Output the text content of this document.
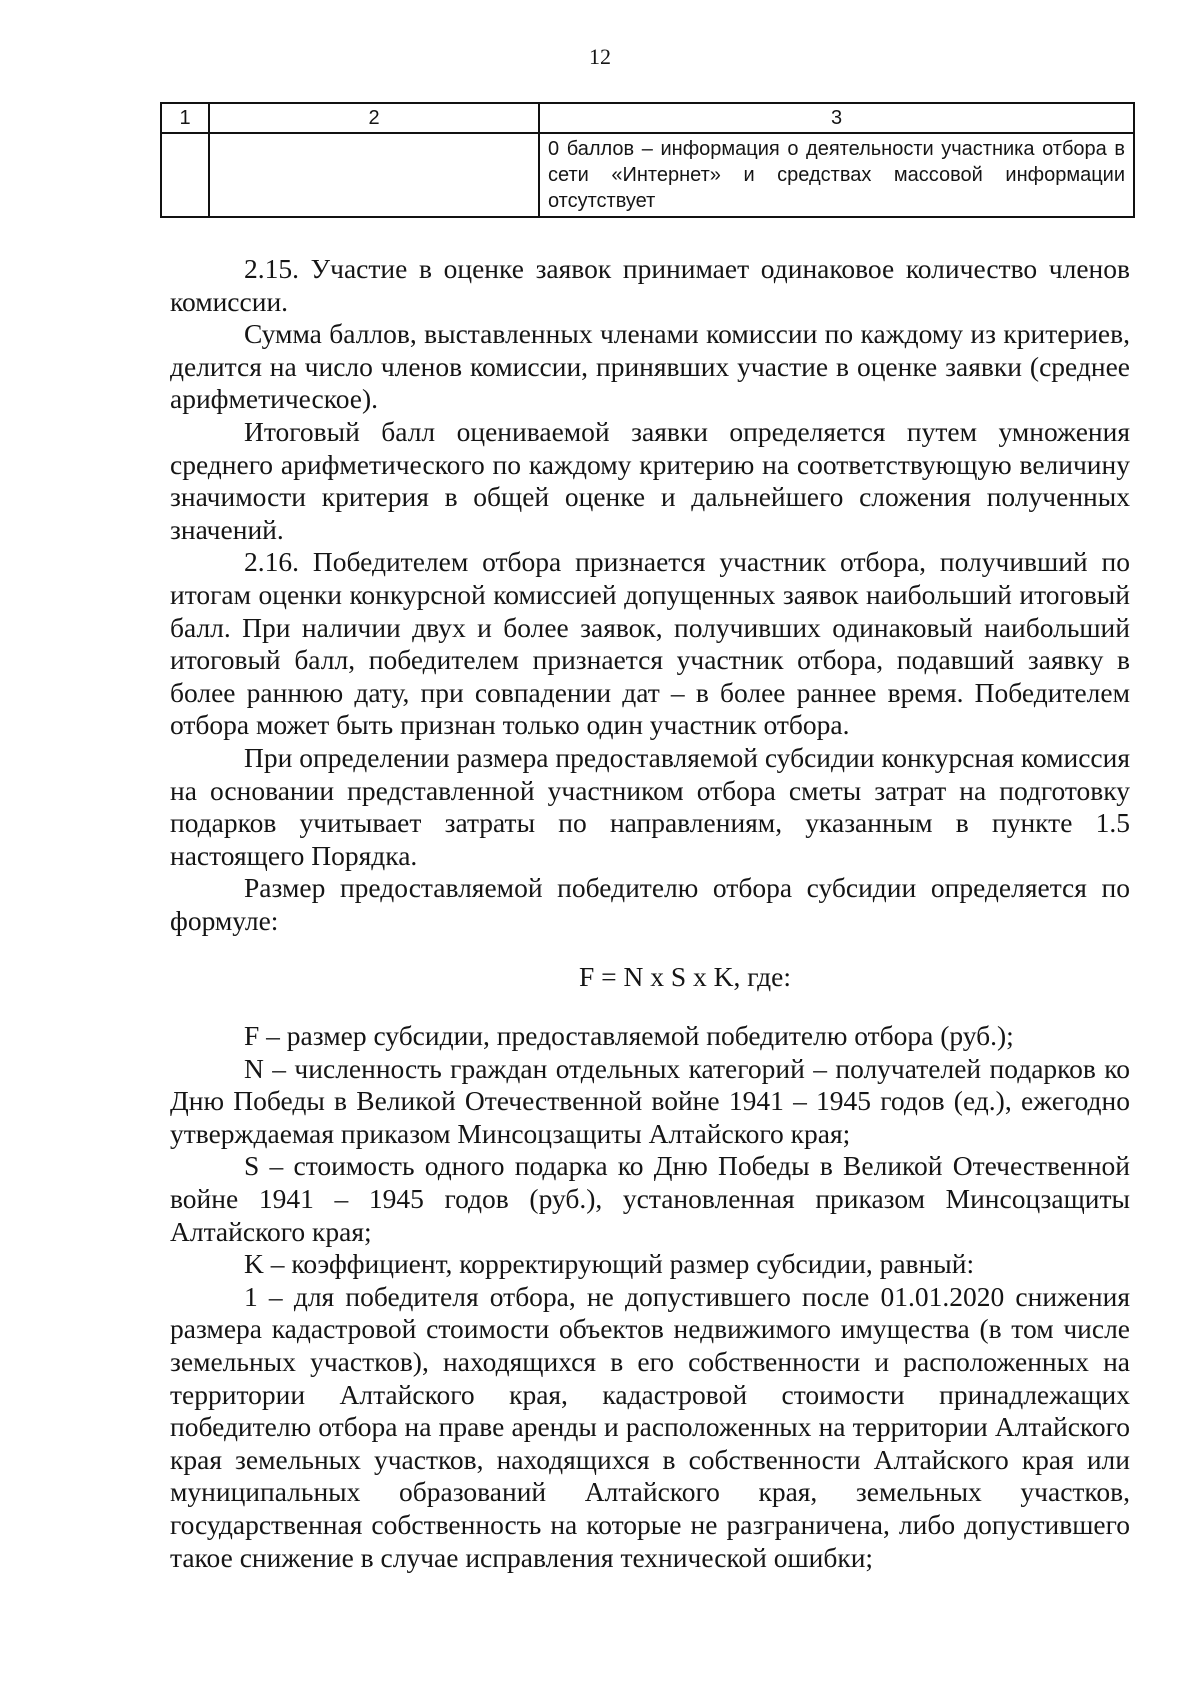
12
1	2	3
		0 баллов – информация о деятельности участника отбора в сети «Интернет» и средствах массовой информации отсутствует

2.15. Участие в оценке заявок принимает одинаковое количество членов комиссии.

Сумма баллов, выставленных членами комиссии по каждому из критериев, делится на число членов комиссии, принявших участие в оценке заявки (среднее арифметическое).

Итоговый балл оцениваемой заявки определяется путем умножения среднего арифметического по каждому критерию на соответствующую величину значимости критерия в общей оценке и дальнейшего сложения полученных значений.

2.16. Победителем отбора признается участник отбора, получивший по итогам оценки конкурсной комиссией допущенных заявок наибольший итоговый балл. При наличии двух и более заявок, получивших одинаковый наибольший итоговый балл, победителем признается участник отбора, подавший заявку в более раннюю дату, при совпадении дат – в более раннее время. Победителем отбора может быть признан только один участник отбора.

При определении размера предоставляемой субсидии конкурсная комиссия на основании представленной участником отбора сметы затрат на подготовку подарков учитывает затраты по направлениям, указанным в пункте 1.5 настоящего Порядка.

Размер предоставляемой победителю отбора субсидии определяется по формуле:

F = N x S x K, где:

F – размер субсидии, предоставляемой победителю отбора (руб.);

N – численность граждан отдельных категорий – получателей подарков ко Дню Победы в Великой Отечественной войне 1941 – 1945 годов (ед.), ежегодно утверждаемая приказом Минсоцзащиты Алтайского края;

S – стоимость одного подарка ко Дню Победы в Великой Отечественной войне 1941 – 1945 годов (руб.), установленная приказом Минсоцзащиты Алтайского края;

K – коэффициент, корректирующий размер субсидии, равный:

1 – для победителя отбора, не допустившего после 01.01.2020 снижения размера кадастровой стоимости объектов недвижимого имущества (в том числе земельных участков), находящихся в его собственности и расположенных на территории Алтайского края, кадастровой стоимости принадлежащих победителю отбора на праве аренды и расположенных на территории Алтайского края земельных участков, находящихся в собственности Алтайского края или муниципальных образований Алтайского края, земельных участков, государственная собственность на которые не разграничена, либо допустившего такое снижение в случае исправления технической ошибки;
